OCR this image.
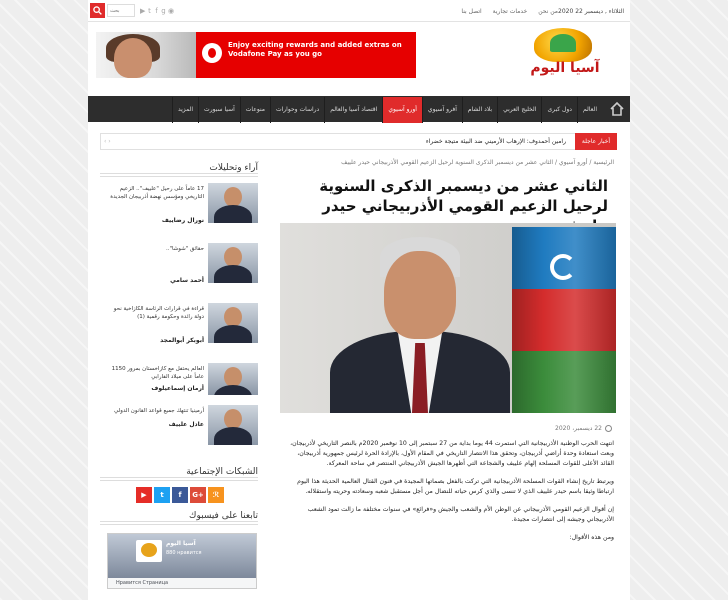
بحث
▶t f g◉	من نحن خدمات تجارية اتصل بنا	الثلاثاء , ديسمبر 22 2020
Enjoy exciting rewards and added extras on Vodafone Pay as you go
آسيا اليوم
العالمدول كبرىالخليج العربيبلاد الشامآفرو آسيويأورو آسيوياقتصاد آسيا والعالمدراسات وحواراتمنوعاتآسيا سبورتالمزيد
أخبار عاجلة
رامين أحمدوف: الإرهاب الأرميني ضد البيئة متيجة خضراء
‹ ›
الرئيسية / أورو آسيوي / الثاني عشر من ديسمبر الذكرى السنوية لرحيل الزعيم القومي الأذربيجاني حيدر علييف
الثاني عشر من ديسمبر الذكرى السنوية لرحيل الزعيم القومي الأذربيجاني حيدر
22 ديسمبر، 2020

انتهت الحرب الوطنية الأذربيجانية التي استمرت 44 يوما بداية من 27 سبتمبر إلى 10 نوفمبر 2020م بالنصر التاريخي لأذربيجان، وبعث استعادة وحدة أراضي أذربيجان، وتحقق هذا الانتصار التاريخي في المقام الأول، بالإرادة الحرة لرئيس جمهورية أذربيجان، القائد الأعلى للقوات المسلحة إلهام علييف والشجاعة التي أظهرها الجيش الأذربيجاني المنتصر في ساحة المعركة.

ويرتبط تاريخ إنشاء القوات المسلحة الأذربيجانية التي تركت بالفعل بصماتها المجيدة في فنون القتال العالمية الحديثة هذا اليوم ارتباطا وثيقا باسم حيدر علييف الذي لا تنسى والذي كرس حياته للنضال من أجل مستقبل شعبه وسعادته وحريته واستقلاله.

إن أقوال الزعيم القومي الأذربيجاني عن الوطن الأم والشعب والجيش و«فرائع» في سنوات مختلفة ما زالت تمود الشعب الأذربيجاني وجيشه إلى انتصارات مجيدة.

ومن هذه الأقوال:

آراء وتحليلات
17 عاماً على رحيل "علييف".. الزعيم التاريخي ومؤسس نهضة أذربيجان الجديدة
نورال رضاييف
حقائق "شوشا"..
أحمد سامي
قراءة في قرارات الرئاسة الكازاخية نحو دولة رائدة وحكومة رقمية (1)
أبوبكر أبوالمجد
العالم يحتفل مع كازاخستان بمرور 1150 عاماً على ميلاد الفارابي
أرمان إسماعيلوف
أرمينيا تنتهك جميع قواعد القانون الدولي
عادل علييف
الشبكات الإجتماعية
ℛ
G+
f
t
▶
تابعنا على فيسبوك
آسيا اليوم
880 нравится
Нравится Страница
